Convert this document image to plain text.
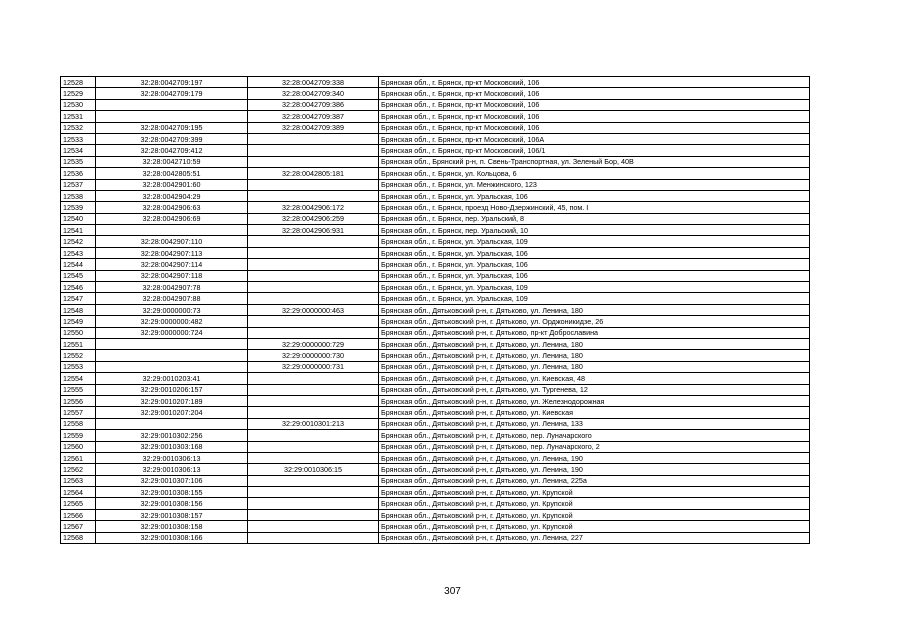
12528	32:28:0042709:197	32:28:0042709:338	Брянская обл., г. Брянск, пр-кт Московский, 106
12529	32:28:0042709:179	32:28:0042709:340	Брянская обл., г. Брянск, пр-кт Московский, 106
12530		32:28:0042709:386	Брянская обл., г. Брянск, пр-кт Московский, 106
12531		32:28:0042709:387	Брянская обл., г. Брянск, пр-кт Московский, 106
12532	32:28:0042709:195	32:28:0042709:389	Брянская обл., г. Брянск, пр-кт Московский, 106
12533	32:28:0042709:399		Брянская обл., г. Брянск, пр-кт Московский, 106А
12534	32:28:0042709:412		Брянская обл., г. Брянск, пр-кт Московский, 106/1
12535	32:28:0042710:59		Брянская обл., Брянский р-н, п. Свень-Транспортная, ул. Зеленый Бор, 40В
12536	32:28:0042805:51	32:28:0042805:181	Брянская обл., г. Брянск, ул. Кольцова, 6
12537	32:28:0042901:60		Брянская обл., г. Брянск, ул. Менжинского, 123
12538	32:28:0042904:29		Брянская обл., г. Брянск, ул. Уральская, 106
12539	32:28:0042906:63	32:28:0042906:172	Брянская обл., г. Брянск, проезд Ново-Дзержинский, 45, пом. I
12540	32:28:0042906:69	32:28:0042906:259	Брянская обл., г. Брянск, пер. Уральский, 8
12541		32:28:0042906:931	Брянская обл., г. Брянск, пер. Уральский, 10
12542	32:28:0042907:110		Брянская обл., г. Брянск, ул. Уральская, 109
12543	32:28:0042907:113		Брянская обл., г. Брянск, ул. Уральская, 106
12544	32:28:0042907:114		Брянская обл., г. Брянск, ул. Уральская, 106
12545	32:28:0042907:118		Брянская обл., г. Брянск, ул. Уральская, 106
12546	32:28:0042907:78		Брянская обл., г. Брянск, ул. Уральская, 109
12547	32:28:0042907:88		Брянская обл., г. Брянск, ул. Уральская, 109
12548	32:29:0000000:73	32:29:0000000:463	Брянская обл., Дятьковский р-н, г. Дятьково, ул. Ленина, 180
12549	32:29:0000000:482		Брянская обл., Дятьковский р-н, г. Дятьково, ул. Орджоникидзе, 26
12550	32:29:0000000:724		Брянская обл., Дятьковский р-н, г. Дятьково, пр-кт Доброславина
12551		32:29:0000000:729	Брянская обл., Дятьковский р-н, г. Дятьково, ул. Ленина, 180
12552		32:29:0000000:730	Брянская обл., Дятьковский р-н, г. Дятьково, ул. Ленина, 180
12553		32:29:0000000:731	Брянская обл., Дятьковский р-н, г. Дятьково, ул. Ленина, 180
12554	32:29:0010203:41		Брянская обл., Дятьковский р-н, г. Дятьково, ул. Киевская, 48
12555	32:29:0010206:157		Брянская обл., Дятьковский р-н, г. Дятьково, ул. Тургенева, 12
12556	32:29:0010207:189		Брянская обл., Дятьковский р-н, г. Дятьково, ул. Железнодорожная
12557	32:29:0010207:204		Брянская обл., Дятьковский р-н, г. Дятьково, ул. Киевская
12558		32:29:0010301:213	Брянская обл., Дятьковский р-н, г. Дятьково, ул. Ленина, 133
12559	32:29:0010302:256		Брянская обл., Дятьковский р-н, г. Дятьково, пер. Луначарского
12560	32:29:0010303:168		Брянская обл., Дятьковский р-н, г. Дятьково, пер. Луначарского, 2
12561	32:29:0010306:13		Брянская обл., Дятьковский р-н, г. Дятьково, ул. Ленина, 190
12562	32:29:0010306:13	32:29:0010306:15	Брянская обл., Дятьковский р-н, г. Дятьково, ул. Ленина, 190
12563	32:29:0010307:106		Брянская обл., Дятьковский р-н, г. Дятьково, ул. Ленина, 225а
12564	32:29:0010308:155		Брянская обл., Дятьковский р-н, г. Дятьково, ул. Крупской
12565	32:29:0010308:156		Брянская обл., Дятьковский р-н, г. Дятьково, ул. Крупской
12566	32:29:0010308:157		Брянская обл., Дятьковский р-н, г. Дятьково, ул. Крупской
12567	32:29:0010308:158		Брянская обл., Дятьковский р-н, г. Дятьково, ул. Крупской
12568	32:29:0010308:166		Брянская обл., Дятьковский р-н, г. Дятьково, ул. Ленина, 227
307
